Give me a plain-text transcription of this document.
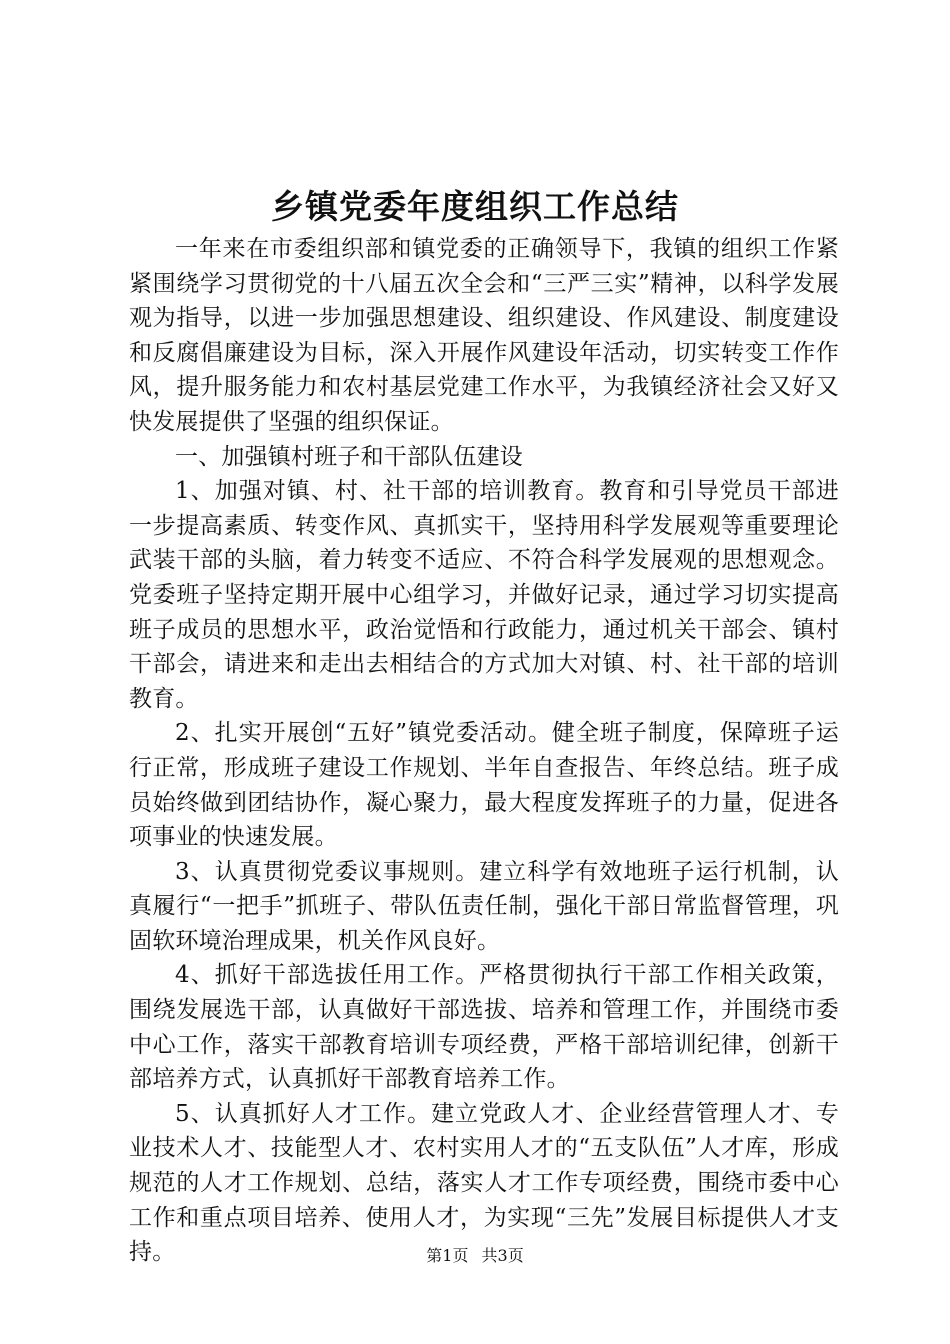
乡镇党委年度组织工作总结

一年来在市委组织部和镇党委的正确领导下，我镇的组织工作紧紧围绕学习贯彻党的十八届五次全会和“三严三实”精神，以科学发展观为指导，以进一步加强思想建设、组织建设、作风建设、制度建设和反腐倡廉建设为目标，深入开展作风建设年活动，切实转变工作作风，提升服务能力和农村基层党建工作水平，为我镇经济社会又好又快发展提供了坚强的组织保证。

一、加强镇村班子和干部队伍建设

1、加强对镇、村、社干部的培训教育。教育和引导党员干部进一步提高素质、转变作风、真抓实干，坚持用科学发展观等重要理论武装干部的头脑，着力转变不适应、不符合科学发展观的思想观念。党委班子坚持定期开展中心组学习，并做好记录，通过学习切实提高班子成员的思想水平，政治觉悟和行政能力，通过机关干部会、镇村干部会，请进来和走出去相结合的方式加大对镇、村、社干部的培训教育。

2、扎实开展创“五好”镇党委活动。健全班子制度，保障班子运行正常，形成班子建设工作规划、半年自查报告、年终总结。班子成员始终做到团结协作，凝心聚力，最大程度发挥班子的力量，促进各项事业的快速发展。

3、认真贯彻党委议事规则。建立科学有效地班子运行机制，认真履行“一把手”抓班子、带队伍责任制，强化干部日常监督管理，巩固软环境治理成果，机关作风良好。

4、抓好干部选拔任用工作。严格贯彻执行干部工作相关政策，围绕发展选干部，认真做好干部选拔、培养和管理工作，并围绕市委中心工作，落实干部教育培训专项经费，严格干部培训纪律，创新干部培养方式，认真抓好干部教育培养工作。

5、认真抓好人才工作。建立党政人才、企业经营管理人才、专业技术人才、技能型人才、农村实用人才的“五支队伍”人才库，形成规范的人才工作规划、总结，落实人才工作专项经费，围绕市委中心工作和重点项目培养、使用人才，为实现“三先”发展目标提供人才支持。	第1页 共3页
